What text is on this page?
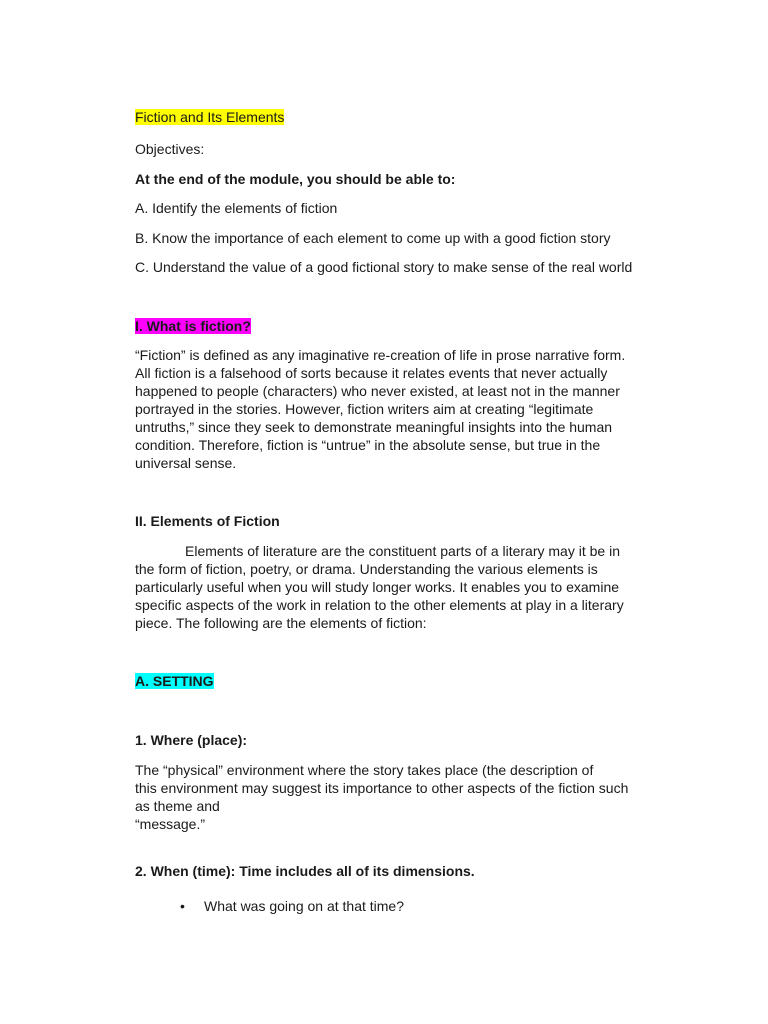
Fiction and Its Elements
Objectives:
At the end of the module, you should be able to:
A. Identify the elements of fiction
B. Know the importance of each element to come up with a good fiction story
C. Understand the value of a good fictional story to make sense of the real world
I. What is fiction?
“Fiction” is defined as any imaginative re-creation of life in prose narrative form.
All fiction is a falsehood of sorts because it relates events that never actually
happened to people (characters) who never existed, at least not in the manner
portrayed in the stories. However, fiction writers aim at creating “legitimate
untruths,” since they seek to demonstrate meaningful insights into the human
condition. Therefore, fiction is “untrue” in the absolute sense, but true in the
universal sense.
II. Elements of Fiction
Elements of literature are the constituent parts of a literary may it be in
the form of fiction, poetry, or drama. Understanding the various elements is
particularly useful when you will study longer works. It enables you to examine
specific aspects of the work in relation to the other elements at play in a literary
piece. The following are the elements of fiction:
A. SETTING
1. Where (place):
The “physical” environment where the story takes place (the description of
this environment may suggest its importance to other aspects of the fiction such
as theme and
“message.”
2. When (time): Time includes all of its dimensions.
• What was going on at that time?
